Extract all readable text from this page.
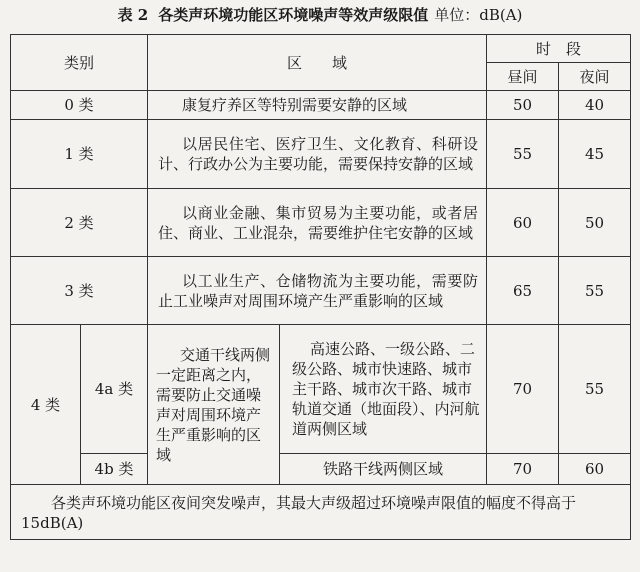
表 2 各类声环境功能区环境噪声等效声级限值 单位：dB(A)
类别		区　　域		时　段	
				昼间	夜间
0 类		康复疗养区等特别需要安静的区域		50	40
1 类		以居民住宅、医疗卫生、文化教育、科研设计、行政办公为主要功能，需要保持安静的区域		55	45
2 类		以商业金融、集市贸易为主要功能，或者居住、商业、工业混杂，需要维护住宅安静的区域		60	50
3 类		以工业生产、仓储物流为主要功能，需要防止工业噪声对周围环境产生严重影响的区域		65	55
4 类	4a 类	交通干线两侧一定距离之内，需要防止交通噪声对周围环境产生严重影响的区域	高速公路、一级公路、二级公路、城市快速路、城市主干路、城市次干路、城市轨道交通（地面段）、内河航道两侧区域	70	55
	4b 类		铁路干线两侧区域	70	60
各类声环境功能区夜间突发噪声，其最大声级超过环境噪声限值的幅度不得高于 15dB(A)					
